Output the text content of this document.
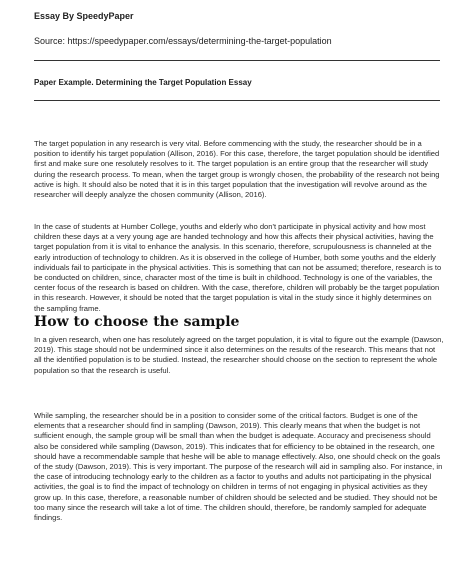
Essay By SpeedyPaper
Source: https://speedypaper.com/essays/determining-the-target-population
Paper Example. Determining the Target Population Essay

The target population in any research is very vital. Before commencing with the study, the researcher should be in a position to identify his target population (Allison, 2016). For this case, therefore, the target population should be identified first and make sure one resolutely resolves to it. The target population is an entire group that the researcher will study during the research process. To mean, when the target group is wrongly chosen, the probability of the research not being active is high. It should also be noted that it is in this target population that the investigation will revolve around as the researcher will deeply analyze the chosen community (Allison, 2016).

In the case of students at Humber College, youths and elderly who don't participate in physical activity and how most children these days at a very young age are handed technology and how this affects their physical activities, having the target population from it is vital to enhance the analysis. In this scenario, therefore, scrupulousness is channeled at the early introduction of technology to children. As it is observed in the college of Humber, both some youths and the elderly individuals fail to participate in the physical activities. This is something that can not be assumed; therefore, research is to be conducted on children, since, character most of the time is built in childhood. Technology is one of the variables, the center focus of the research is based on children. With the case, therefore, children will probably be the target population in this research. However, it should be noted that the target population is vital in the study since it highly determines on the sampling frame.

How to choose the sample

In a given research, when one has resolutely agreed on the target population, it is vital to figure out the example (Dawson, 2019). This stage should not be undermined since it also determines on the results of the research. This means that not all the identified population is to be studied. Instead, the researcher should choose on the section to represent the whole population so that the research is useful.

While sampling, the researcher should be in a position to consider some of the critical factors. Budget is one of the elements that a researcher should find in sampling (Dawson, 2019). This clearly means that when the budget is not sufficient enough, the sample group will be small than when the budget is adequate. Accuracy and preciseness should also be considered while sampling (Dawson, 2019). This indicates that for efficiency to be obtained in the research, one should have a recommendable sample that heshe will be able to manage effectively. Also, one should check on the goals of the study (Dawson, 2019). This is very important. The purpose of the research will aid in sampling also. For instance, in the case of introducing technology early to the children as a factor to youths and adults not participating in the physical activities, the goal is to find the impact of technology on children in terms of not engaging in physical activities as they grow up. In this case, therefore, a reasonable number of children should be selected and be studied. They should not be too many since the research will take a lot of time. The children should, therefore, be randomly sampled for adequate findings.
